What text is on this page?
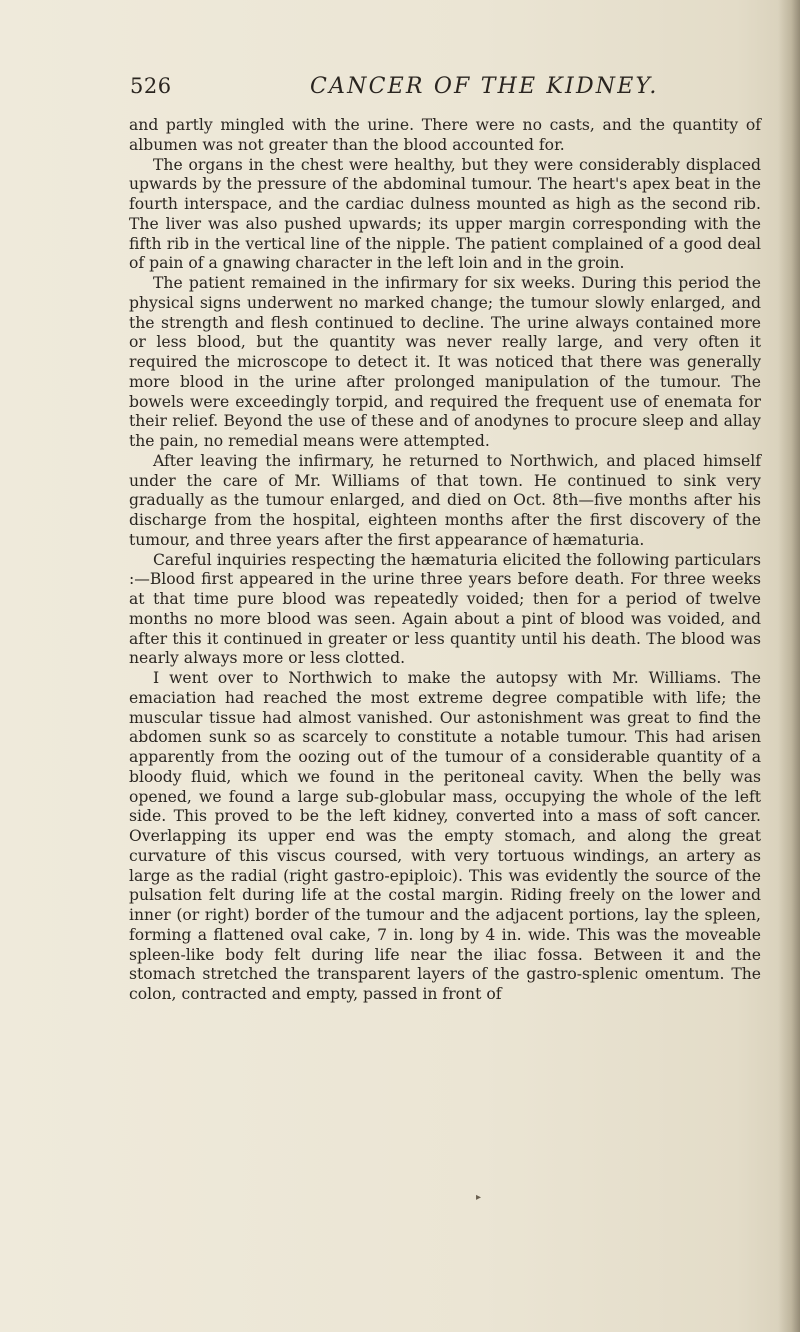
526	CANCER OF THE KIDNEY.

and partly mingled with the urine. There were no casts, and the quantity of albumen was not greater than the blood accounted for.

The organs in the chest were healthy, but they were considerably displaced upwards by the pressure of the abdominal tumour. The heart's apex beat in the fourth interspace, and the cardiac dulness mounted as high as the second rib. The liver was also pushed upwards; its upper margin corresponding with the fifth rib in the vertical line of the nipple. The patient complained of a good deal of pain of a gnawing character in the left loin and in the groin.

The patient remained in the infirmary for six weeks. During this period the physical signs underwent no marked change; the tumour slowly enlarged, and the strength and flesh continued to decline. The urine always contained more or less blood, but the quantity was never really large, and very often it required the microscope to detect it. It was noticed that there was generally more blood in the urine after prolonged manipulation of the tumour. The bowels were exceedingly torpid, and required the frequent use of enemata for their relief. Beyond the use of these and of anodynes to procure sleep and allay the pain, no remedial means were attempted.

After leaving the infirmary, he returned to Northwich, and placed himself under the care of Mr. Williams of that town. He continued to sink very gradually as the tumour enlarged, and died on Oct. 8th—five months after his discharge from the hospital, eighteen months after the first discovery of the tumour, and three years after the first appearance of hæmaturia.

Careful inquiries respecting the hæmaturia elicited the following particulars :—Blood first appeared in the urine three years before death. For three weeks at that time pure blood was repeatedly voided; then for a period of twelve months no more blood was seen. Again about a pint of blood was voided, and after this it continued in greater or less quantity until his death. The blood was nearly always more or less clotted.

I went over to Northwich to make the autopsy with Mr. Williams. The emaciation had reached the most extreme degree compatible with life; the muscular tissue had almost vanished. Our astonishment was great to find the abdomen sunk so as scarcely to constitute a notable tumour. This had arisen apparently from the oozing out of the tumour of a considerable quantity of a bloody fluid, which we found in the peritoneal cavity. When the belly was opened, we found a large sub-globular mass, occupying the whole of the left side. This proved to be the left kidney, converted into a mass of soft cancer. Overlapping its upper end was the empty stomach, and along the great curvature of this viscus coursed, with very tortuous windings, an artery as large as the radial (right gastro-epiploic). This was evidently the source of the pulsation felt during life at the costal margin. Riding freely on the lower and inner (or right) border of the tumour and the adjacent portions, lay the spleen, forming a flattened oval cake, 7 in. long by 4 in. wide. This was the moveable spleen-like body felt during life near the iliac fossa. Between it and the stomach stretched the transparent layers of the gastro-splenic omentum. The colon, contracted and empty, passed in front of

▸
